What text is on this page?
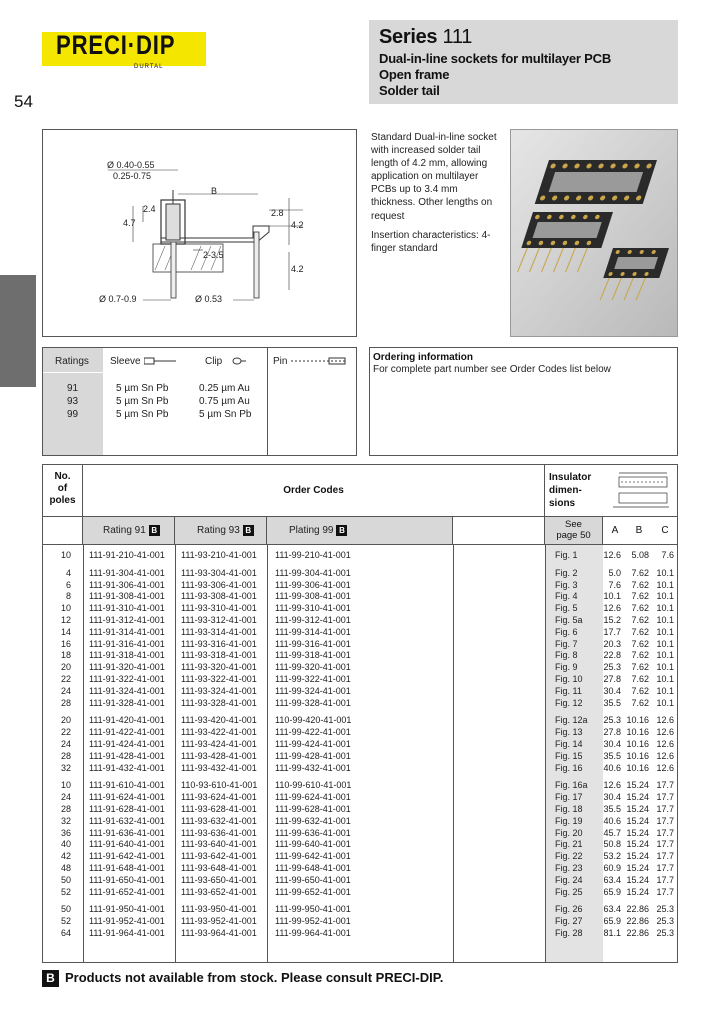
PRECI·DIP
DURTAL
54
Series 111
Dual-in-line sockets for multilayer PCB
Open frame
Solder tail
Ø 0.40-0.55
0.25-0.75
B
2.4
4.7
2.8
4.2
2-3.5
4.2
Ø 0.7-0.9	Ø 0.53

Standard Dual-in-line socket with increased solder tail length of 4.2 mm, allowing application on multilayer PCBs up to 3.4 mm thickness. Other lengths on request

Insertion characteristics: 4-finger standard

Ratings Sleeve	Clip	Pin
91	5 µm Sn Pb	0.25 µm Au
93	5 µm Sn Pb	0.75 µm Au
99	5 µm Sn Pb	5 µm Sn Pb
Ordering information
For complete part number see Order Codes list below
No.
of
poles
Order Codes
Insulator
dimen-
sions
Rating 91 B	Rating 93 B	Plating 99 B
See
page 50	A	B	C
10 111-91-210-41-001 111-93-210-41-001 111-99-210-41-001	Fig. 1	12.6	5.08	7.6
4 111-91-304-41-001 111-93-304-41-001 111-99-304-41-001	Fig. 2	5.0	7.62 10.1
6 111-91-306-41-001 111-93-306-41-001 111-99-306-41-001	Fig. 3	7.6	7.62 10.1
8 111-91-308-41-001 111-93-308-41-001 111-99-308-41-001	Fig. 4	10.1	7.62 10.1
10 111-91-310-41-001 111-93-310-41-001 111-99-310-41-001	Fig. 5	12.6	7.62 10.1
12 111-91-312-41-001 111-93-312-41-001 111-99-312-41-001	Fig. 5a	15.2	7.62 10.1
14 111-91-314-41-001 111-93-314-41-001 111-99-314-41-001	Fig. 6	17.7	7.62 10.1
16 111-91-316-41-001 111-93-316-41-001 111-99-316-41-001	Fig. 7	20.3	7.62 10.1
18 111-91-318-41-001 111-93-318-41-001 111-99-318-41-001	Fig. 8	22.8	7.62 10.1
20 111-91-320-41-001 111-93-320-41-001 111-99-320-41-001	Fig. 9	25.3	7.62 10.1
22 111-91-322-41-001 111-93-322-41-001 111-99-322-41-001	Fig. 10	27.8	7.62 10.1
24 111-91-324-41-001 111-93-324-41-001 111-99-324-41-001	Fig. 11	30.4	7.62 10.1
28 111-91-328-41-001 111-93-328-41-001 111-99-328-41-001	Fig. 12	35.5	7.62 10.1
20 111-91-420-41-001 111-93-420-41-001 110-99-420-41-001	Fig. 12a	25.3 10.16 12.6
22 111-91-422-41-001 111-93-422-41-001 111-99-422-41-001	Fig. 13	27.8 10.16 12.6
24 111-91-424-41-001 111-93-424-41-001 111-99-424-41-001	Fig. 14	30.4 10.16 12.6
28 111-91-428-41-001 111-93-428-41-001 111-99-428-41-001	Fig. 15	35.5 10.16 12.6
32 111-91-432-41-001 111-93-432-41-001 111-99-432-41-001	Fig. 16	40.6 10.16 12.6
10 111-91-610-41-001 110-93-610-41-001 110-99-610-41-001	Fig. 16a	12.6 15.24 17.7
24 111-91-624-41-001 111-93-624-41-001 111-99-624-41-001	Fig. 17	30.4 15.24 17.7
28 111-91-628-41-001 111-93-628-41-001 111-99-628-41-001	Fig. 18	35.5 15.24 17.7
32 111-91-632-41-001 111-93-632-41-001 111-99-632-41-001	Fig. 19	40.6 15.24 17.7
36 111-91-636-41-001 111-93-636-41-001 111-99-636-41-001	Fig. 20	45.7 15.24 17.7
40 111-91-640-41-001 111-93-640-41-001 111-99-640-41-001	Fig. 21	50.8 15.24 17.7
42 111-91-642-41-001 111-93-642-41-001 111-99-642-41-001	Fig. 22	53.2 15.24 17.7
48 111-91-648-41-001 111-93-648-41-001 111-99-648-41-001	Fig. 23	60.9 15.24 17.7
50 111-91-650-41-001 111-93-650-41-001 111-99-650-41-001	Fig. 24	63.4 15.24 17.7
52 111-91-652-41-001 111-93-652-41-001 111-99-652-41-001	Fig. 25	65.9 15.24 17.7
50 111-91-950-41-001 111-93-950-41-001 111-99-950-41-001	Fig. 26	63.4 22.86 25.3
52 111-91-952-41-001 111-93-952-41-001 111-99-952-41-001	Fig. 27	65.9 22.86 25.3
64 111-91-964-41-001 111-93-964-41-001 111-99-964-41-001	Fig. 28	81.1 22.86 25.3
B Products not available from stock. Please consult PRECI-DIP.
